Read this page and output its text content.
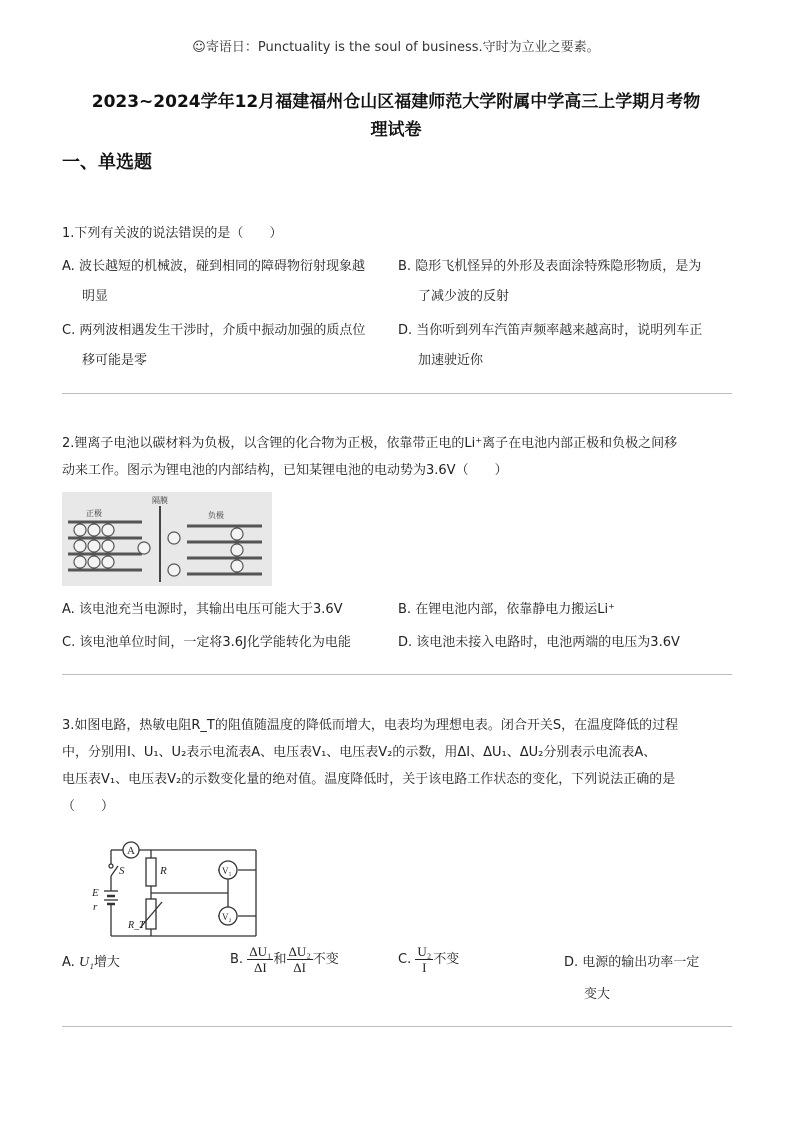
☺寄语日：Punctuality is the soul of business.守时为立业之要素。
2023~2024学年12月福建福州仓山区福建师范大学附属中学高三上学期月考物
理试卷
一、单选题
1.下列有关波的说法错误的是（　　）
A. 波长越短的机械波，碰到相同的障碍物衍射现象越
明显
B. 隐形飞机怪异的外形及表面涂特殊隐形物质，是为
了减少波的反射
C. 两列波相遇发生干涉时，介质中振动加强的质点位
移可能是零
D. 当你听到列车汽笛声频率越来越高时，说明列车正
加速驶近你
2.锂离子电池以碳材料为负极，以含锂的化合物为正极，依靠带正电的Li⁺离子在电池内部正极和负极之间移
动来工作。图示为锂电池的内部结构，已知某锂电池的电动势为3.6V（　　）
正极
隔膜
负极
A. 该电池充当电源时，其输出电压可能大于3.6V	B. 在锂电池内部，依靠静电力搬运Li⁺
C. 该电池单位时间，一定将3.6J化学能转化为电能	D. 该电池未接入电路时，电池两端的电压为3.6V
3.如图电路，热敏电阻R_T的阻值随温度的降低而增大，电表均为理想电表。闭合开关S，在温度降低的过程
中，分别用I、U₁、U₂表示电流表A、电压表V₁、电压表V₂的示数，用ΔI、ΔU₁、ΔU₂分别表示电流表A、
电压表V₁、电压表V₂的示数变化量的绝对值。温度降低时，关于该电路工作状态的变化，下列说法正确的是
（　　）
A
S
E
r
R
R_T
V₁
V₂
A. U₁增大	B. $\frac{\text{ΔU₁}}{\Delta I}$ 和 $\frac{\text{ΔU₂}}{\Delta I}$ 不变	C. $\frac{\text{U₂}}{I}$ 不变	D. 电源的输出功率一定
变大
